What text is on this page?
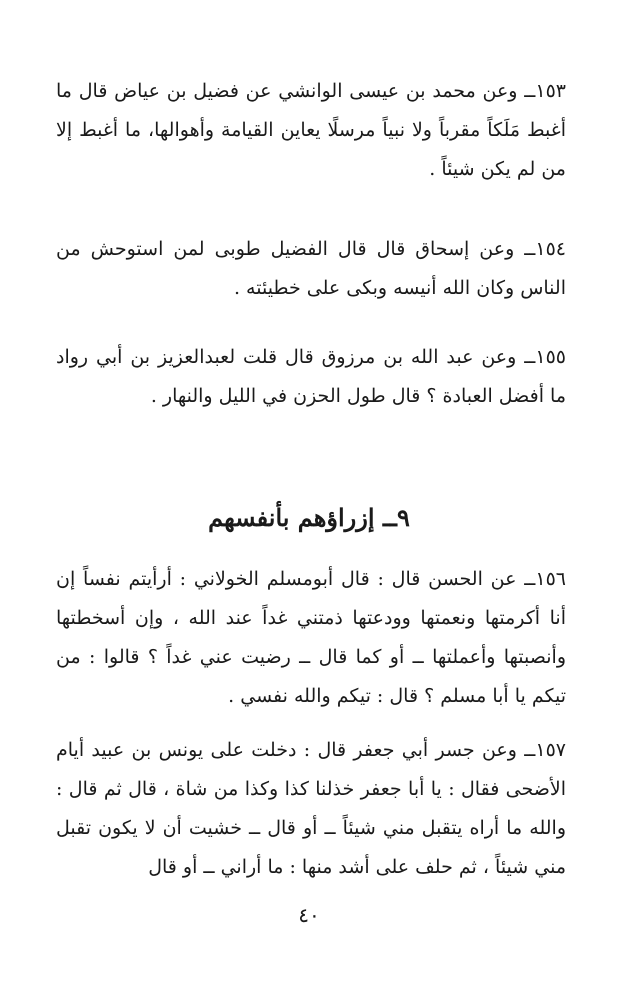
١٥٣ــ وعن محمد بن عيسى الوانشي عن فضيل بن عياض قال ما أغبط مَلَكاً مقرباً ولا نبياً مرسلًا يعاين القيامة وأهوالها، ما أغبط إلا من لم يكن شيئاً .

١٥٤ــ وعن إسحاق قال قال الفضيل طوبى لمن استوحش من الناس وكان الله أنيسه وبكى على خطيئته .

١٥٥ــ وعن عبد الله بن مرزوق قال قلت لعبدالعزيز بن أبي رواد ما أفضل العبادة ؟ قال طول الحزن في الليل والنهار .

٩ــ إزراؤهم بأنفسهم

١٥٦ــ عن الحسن قال : قال أبومسلم الخولاني : أرأيتم نفساً إن أنا أكرمتها ونعمتها وودعتها ذمتني غداً عند الله ، وإن أسخطتها وأنصبتها وأعملتها ــ أو كما قال ــ رضيت عني غداً ؟ قالوا : من تيكم يا أبا مسلم ؟ قال : تيكم والله نفسي .

١٥٧ــ وعن جسر أبي جعفر قال : دخلت على يونس بن عبيد أيام الأضحى فقال : يا أبا جعفر خذلنا كذا وكذا من شاة ، قال ثم قال : والله ما أراه يتقبل مني شيئاً ــ أو قال ــ خشيت أن لا يكون تقبل مني شيئاً ، ثم حلف على أشد منها : ما أراني ــ أو قال

٤٠
